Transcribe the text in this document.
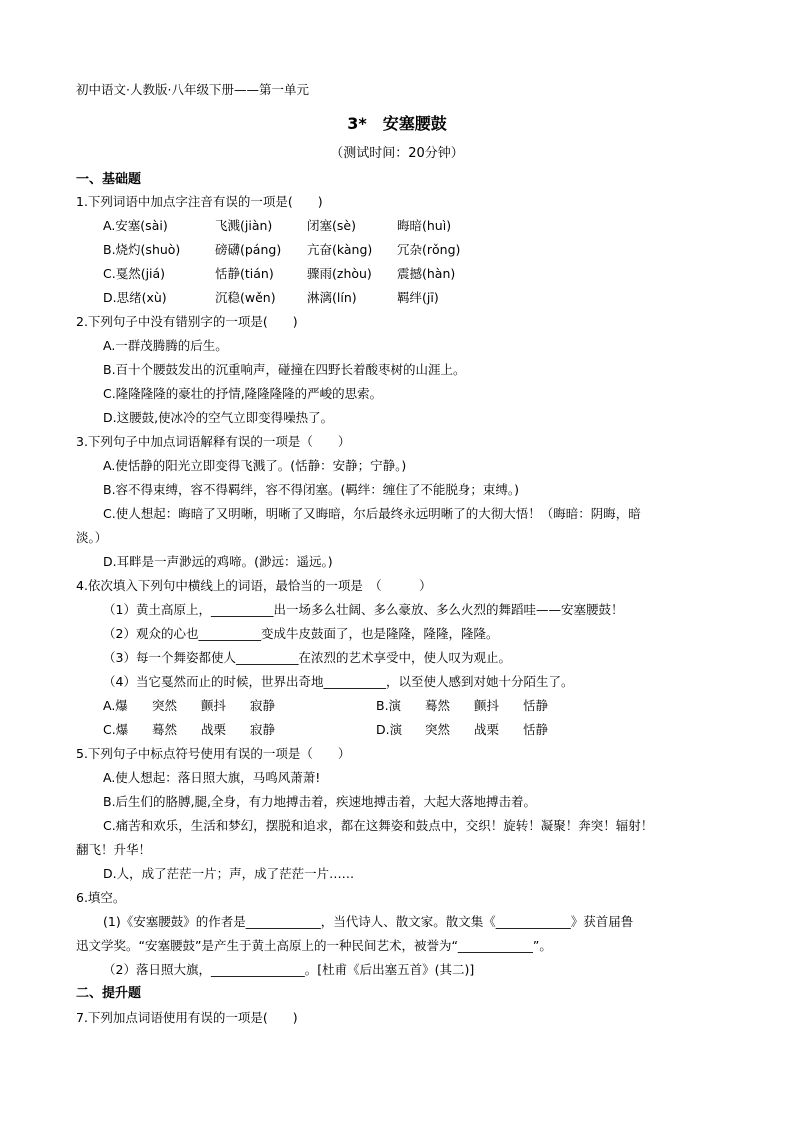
初中语文·人教版·八年级下册——第一单元
3*　安塞腰鼓
（测试时间：20分钟）
一、基础题
1.下列词语中加点字注音有误的一项是(　　)
A.安塞(sài)	飞溅(jiàn)	闭塞(sè)	晦暗(huì)
B.烧灼(shuò)	磅礴(páng) 亢奋(kàng) 冗杂(rǒng)
C.戛然(jiá)	恬静(tián)	骤雨(zhòu) 震撼(hàn)
D.思绪(xù)	沉稳(wěn)	淋漓(lín)	羁绊(jī)
2.下列句子中没有错别字的一项是(　　)
A.一群茂腾腾的后生。
B.百十个腰鼓发出的沉重响声，碰撞在四野长着酸枣树的山涯上。
C.隆隆隆隆的豪壮的抒情,隆隆隆隆的严峻的思索。
D.这腰鼓,使冰冷的空气立即变得噪热了。
3.下列句子中加点词语解释有误的一项是（　　）
A.使恬静的阳光立即变得飞溅了。(恬静：安静；宁静。)
B.容不得束缚，容不得羁绊，容不得闭塞。(羁绊：缠住了不能脱身；束缚。)
C.使人想起：晦暗了又明晰，明晰了又晦暗，尔后最终永远明晰了的大彻大悟！（晦暗：阴晦，暗
淡。）
D.耳畔是一声渺远的鸡啼。(渺远：遥远。)
4.依次填入下列句中横线上的词语，最恰当的一项是　（　　　）
（1）黄土高原上，__________出一场多么壮阔、多么豪放、多么火烈的舞蹈哇——安塞腰鼓！
（2）观众的心也__________变成牛皮鼓面了，也是隆隆，隆隆，隆隆。
（3）每一个舞姿都使人__________在浓烈的艺术享受中，使人叹为观止。
（4）当它戛然而止的时候，世界出奇地__________，以至使人感到对她十分陌生了。
A.爆 突然 颤抖 寂静	B.演 蓦然 颤抖 恬静
C.爆 蓦然 战栗 寂静	D.演 突然 战栗 恬静
5.下列句子中标点符号使用有误的一项是（　　）
A.使人想起：落日照大旗，马鸣风萧萧!
B.后生们的胳膊,腿,全身，有力地搏击着，疾速地搏击着，大起大落地搏击着。
C.痛苦和欢乐，生活和梦幻，摆脱和追求，都在这舞姿和鼓点中，交织！旋转！凝聚！奔突！辐射！
翻飞！升华！
D.人，成了茫茫一片；声，成了茫茫一片……
6.填空。
(1)《安塞腰鼓》的作者是____________，当代诗人、散文家。散文集《____________》获首届鲁
迅文学奖。“安塞腰鼓”是产生于黄土高原上的一种民间艺术，被誉为“____________”。
（2）落日照大旗，_______________。[杜甫《后出塞五首》(其二)]
二、提升题
7.下列加点词语使用有误的一项是(　　)
